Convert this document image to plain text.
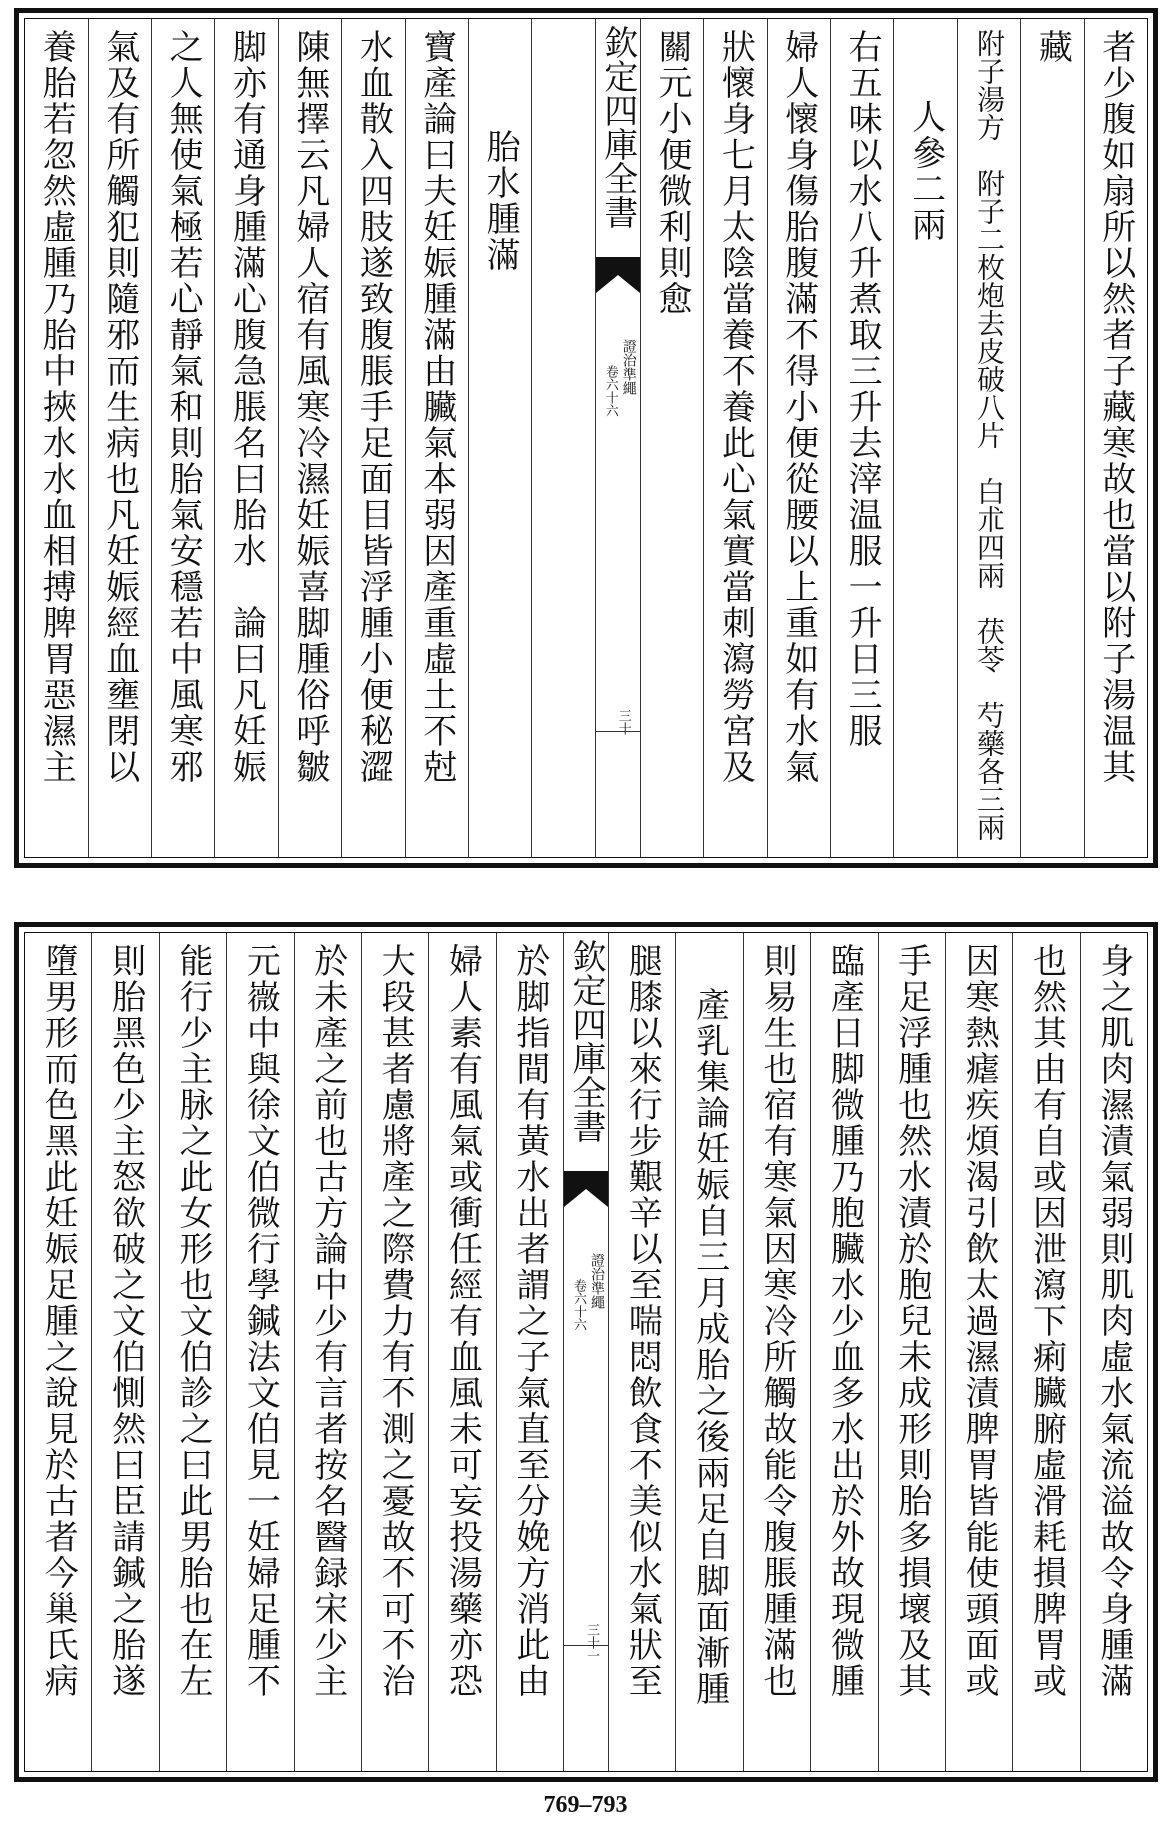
者少腹如扇所以然者子藏寒故也當以附子湯温其
藏
附子湯方　附子二枚炮去皮破八片　白朮四兩　茯苓　芍藥各三兩
人參二兩
右五味以水八升煮取三升去滓温服一升日三服
婦人懷身傷胎腹滿不得小便從腰以上重如有水氣
狀懷身七月太陰當養不養此心氣實當刺瀉勞宮及
關元小便微利則愈
欽定四庫全書
證治準繩
卷六十六
三十
胎水腫滿
寶產論曰夫妊娠腫滿由臟氣本弱因產重虛土不尅
水血散入四肢遂致腹脹手足面目皆浮腫小便秘澀
陳無擇云凡婦人宿有風寒冷濕妊娠喜脚腫俗呼皺
脚亦有通身腫滿心腹急脹名曰胎水　論曰凡妊娠
之人無使氣極若心靜氣和則胎氣安穩若中風寒邪
氣及有所觸犯則隨邪而生病也凡妊娠經血壅閉以
養胎若忽然虛腫乃胎中挾水水血相搏脾胃惡濕主
身之肌肉濕漬氣弱則肌肉虛水氣流溢故令身腫滿
也然其由有自或因泄瀉下痢臟腑虛滑耗損脾胃或
因寒熱瘧疾煩渴引飲太過濕漬脾胃皆能使頭面或
手足浮腫也然水漬於胞兒未成形則胎多損壞及其
臨產日脚微腫乃胞臟水少血多水出於外故現微腫
則易生也宿有寒氣因寒冷所觸故能令腹脹腫滿也
產乳集論妊娠自三月成胎之後兩足自脚面漸腫
腿膝以來行步艱辛以至喘悶飲食不美似水氣狀至
欽定四庫全書
證治準繩
卷六十六
三十一
於脚指間有黃水出者謂之子氣直至分娩方消此由
婦人素有風氣或衝任經有血風未可妄投湯藥亦恐
大段甚者慮將產之際費力有不測之憂故不可不治
於未產之前也古方論中少有言者按名醫録宋少主
元嶶中與徐文伯微行學鍼法文伯見一妊婦足腫不
能行少主脉之此女形也文伯診之曰此男胎也在左
則胎黑色少主怒欲破之文伯惻然曰臣請鍼之胎遂
墮男形而色黑此妊娠足腫之說見於古者今巢氏病
769–793
